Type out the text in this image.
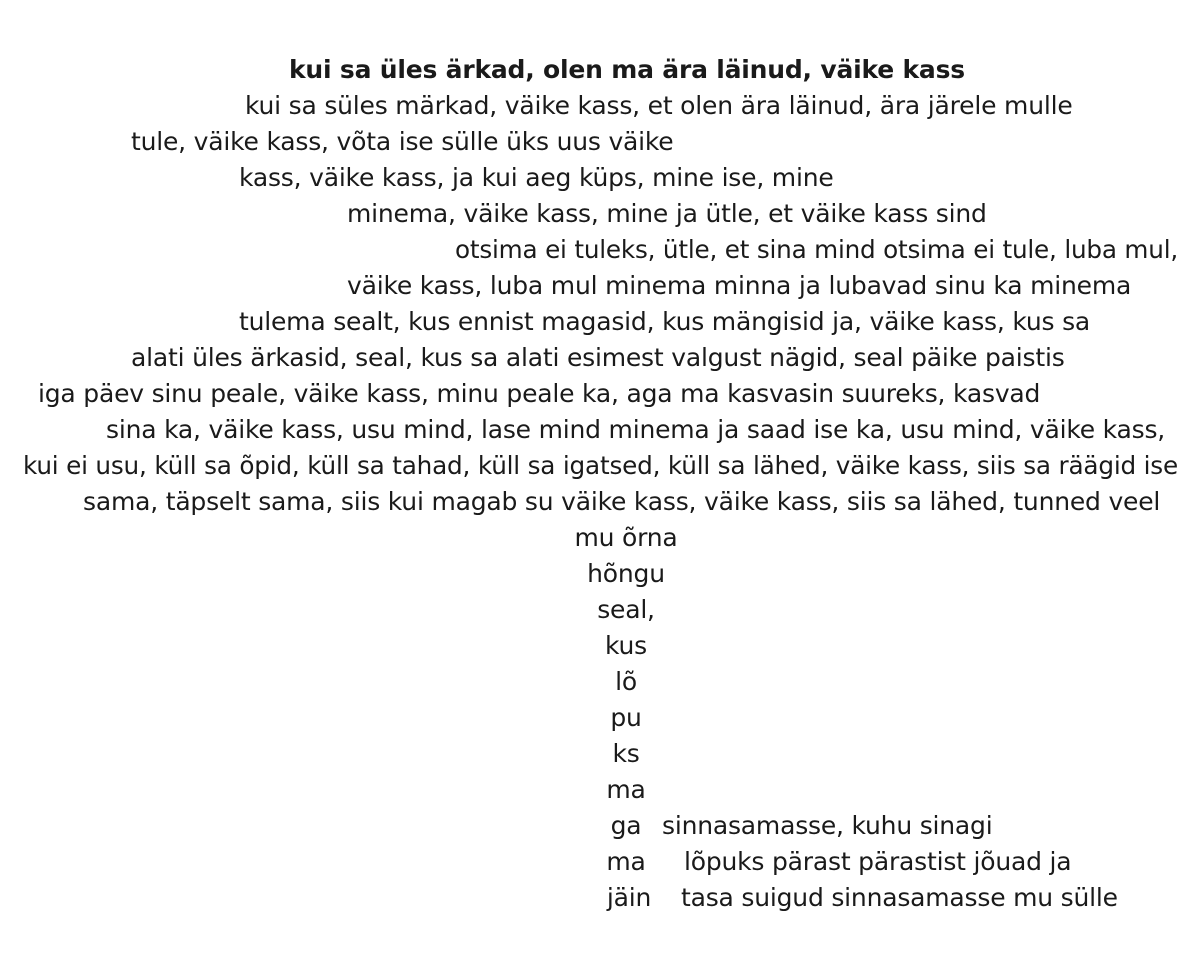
kui sa üles ärkad, olen ma ära läinud, väike kass
kui sa süles märkad, väike kass, et olen ära läinud, ära järele mulle
tule, väike kass, võta ise sülle üks uus väike
kass, väike kass, ja kui aeg küps, mine ise, mine
minema, väike kass, mine ja ütle, et väike kass sind
otsima ei tuleks, ütle, et sina mind otsima ei tule, luba mul,
väike kass, luba mul minema minna ja lubavad sinu ka minema
tulema sealt, kus ennist magasid, kus mängisid ja, väike kass, kus sa
alati üles ärkasid, seal, kus sa alati esimest valgust nägid, seal päike paistis
iga päev sinu peale, väike kass, minu peale ka, aga ma kasvasin suureks, kasvad
sina ka, väike kass, usu mind, lase mind minema ja saad ise ka, usu mind, väike kass,
kui ei usu, küll sa õpid, küll sa tahad, küll sa igatsed, küll sa lähed, väike kass, siis sa räägid ise
sama, täpselt sama, siis kui magab su väike kass, väike kass, siis sa lähed, tunned veel
mu õrna
hõngu
seal,
kus
lõ
pu
ks
ma
ga
ma
jäin
sinnasamasse, kuhu sinagi
lõpuks pärast pärastist jõuad ja
tasa suigud sinnasamasse mu sülle
